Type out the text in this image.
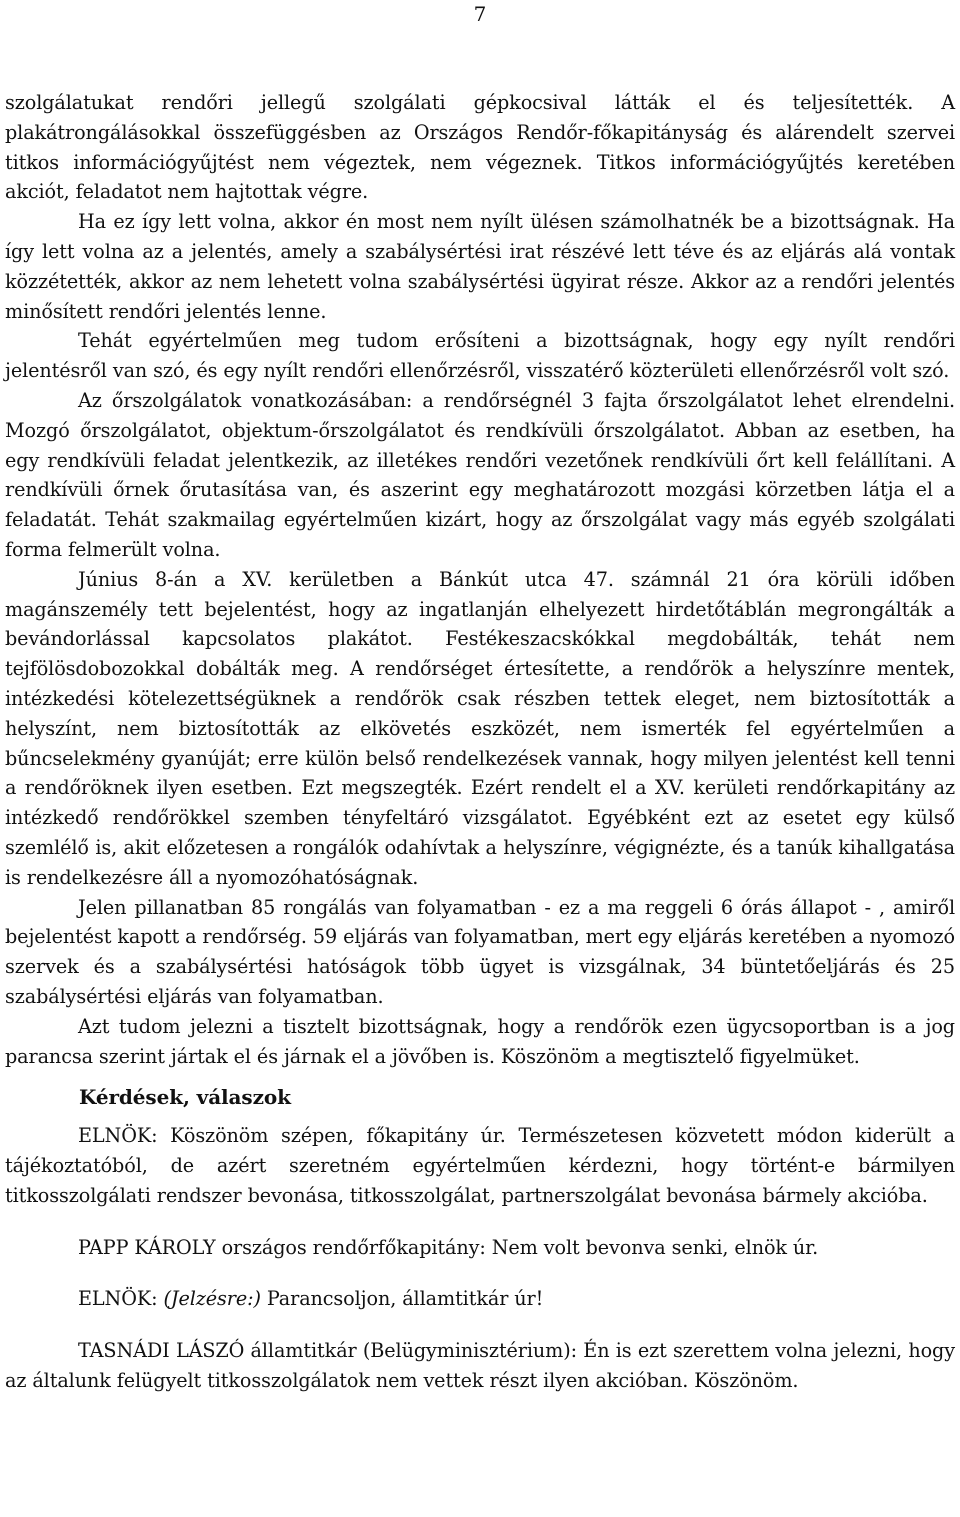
7

szolgálatukat rendőri jellegű szolgálati gépkocsival látták el és teljesítették. A plakátrongálásokkal összefüggésben az Országos Rendőr-főkapitányság és alárendelt szervei titkos információgyűjtést nem végeztek, nem végeznek. Titkos információgyűjtés keretében akciót, feladatot nem hajtottak végre.

Ha ez így lett volna, akkor én most nem nyílt ülésen számolhatnék be a bizottságnak. Ha így lett volna az a jelentés, amely a szabálysértési irat részévé lett téve és az eljárás alá vontak közzétették, akkor az nem lehetett volna szabálysértési ügyirat része. Akkor az a rendőri jelentés minősített rendőri jelentés lenne.

Tehát egyértelműen meg tudom erősíteni a bizottságnak, hogy egy nyílt rendőri jelentésről van szó, és egy nyílt rendőri ellenőrzésről, visszatérő közterületi ellenőrzésről volt szó.

Az őrszolgálatok vonatkozásában: a rendőrségnél 3 fajta őrszolgálatot lehet elrendelni. Mozgó őrszolgálatot, objektum-őrszolgálatot és rendkívüli őrszolgálatot. Abban az esetben, ha egy rendkívüli feladat jelentkezik, az illetékes rendőri vezetőnek rendkívüli őrt kell felállítani. A rendkívüli őrnek őrutasítása van, és aszerint egy meghatározott mozgási körzetben látja el a feladatát. Tehát szakmailag egyértelműen kizárt, hogy az őrszolgálat vagy más egyéb szolgálati forma felmerült volna.

Június 8-án a XV. kerületben a Bánkút utca 47. számnál 21 óra körüli időben magánszemély tett bejelentést, hogy az ingatlanján elhelyezett hirdetőtáblán megrongálták a bevándorlással kapcsolatos plakátot. Festékeszacskókkal megdobálták, tehát nem tejfölösdobozokkal dobálták meg. A rendőrséget értesítette, a rendőrök a helyszínre mentek, intézkedési kötelezettségüknek a rendőrök csak részben tettek eleget, nem biztosították a helyszínt, nem biztosították az elkövetés eszközét, nem ismerték fel egyértelműen a bűncselekmény gyanúját; erre külön belső rendelkezések vannak, hogy milyen jelentést kell tenni a rendőröknek ilyen esetben. Ezt megszegték. Ezért rendelt el a XV. kerületi rendőrkapitány az intézkedő rendőrökkel szemben tényfeltáró vizsgálatot. Egyébként ezt az esetet egy külső szemlélő is, akit előzetesen a rongálók odahívtak a helyszínre, végignézte, és a tanúk kihallgatása is rendelkezésre áll a nyomozóhatóságnak.

Jelen pillanatban 85 rongálás van folyamatban - ez a ma reggeli 6 órás állapot - , amiről bejelentést kapott a rendőrség. 59 eljárás van folyamatban, mert egy eljárás keretében a nyomozó szervek és a szabálysértési hatóságok több ügyet is vizsgálnak, 34 büntetőeljárás és 25 szabálysértési eljárás van folyamatban.

Azt tudom jelezni a tisztelt bizottságnak, hogy a rendőrök ezen ügycsoportban is a jog parancsa szerint jártak el és járnak el a jövőben is. Köszönöm a megtisztelő figyelmüket.

Kérdések, válaszok

ELNÖK: Köszönöm szépen, főkapitány úr. Természetesen közvetett módon kiderült a tájékoztatóból, de azért szeretném egyértelműen kérdezni, hogy történt-e bármilyen titkosszolgálati rendszer bevonása, titkosszolgálat, partnerszolgálat bevonása bármely akcióba.

PAPP KÁROLY országos rendőrfőkapitány: Nem volt bevonva senki, elnök úr.

ELNÖK: (Jelzésre:) Parancsoljon, államtitkár úr!

TASNÁDI LÁSZÓ államtitkár (Belügyminisztérium): Én is ezt szerettem volna jelezni, hogy az általunk felügyelt titkosszolgálatok nem vettek részt ilyen akcióban. Köszönöm.
